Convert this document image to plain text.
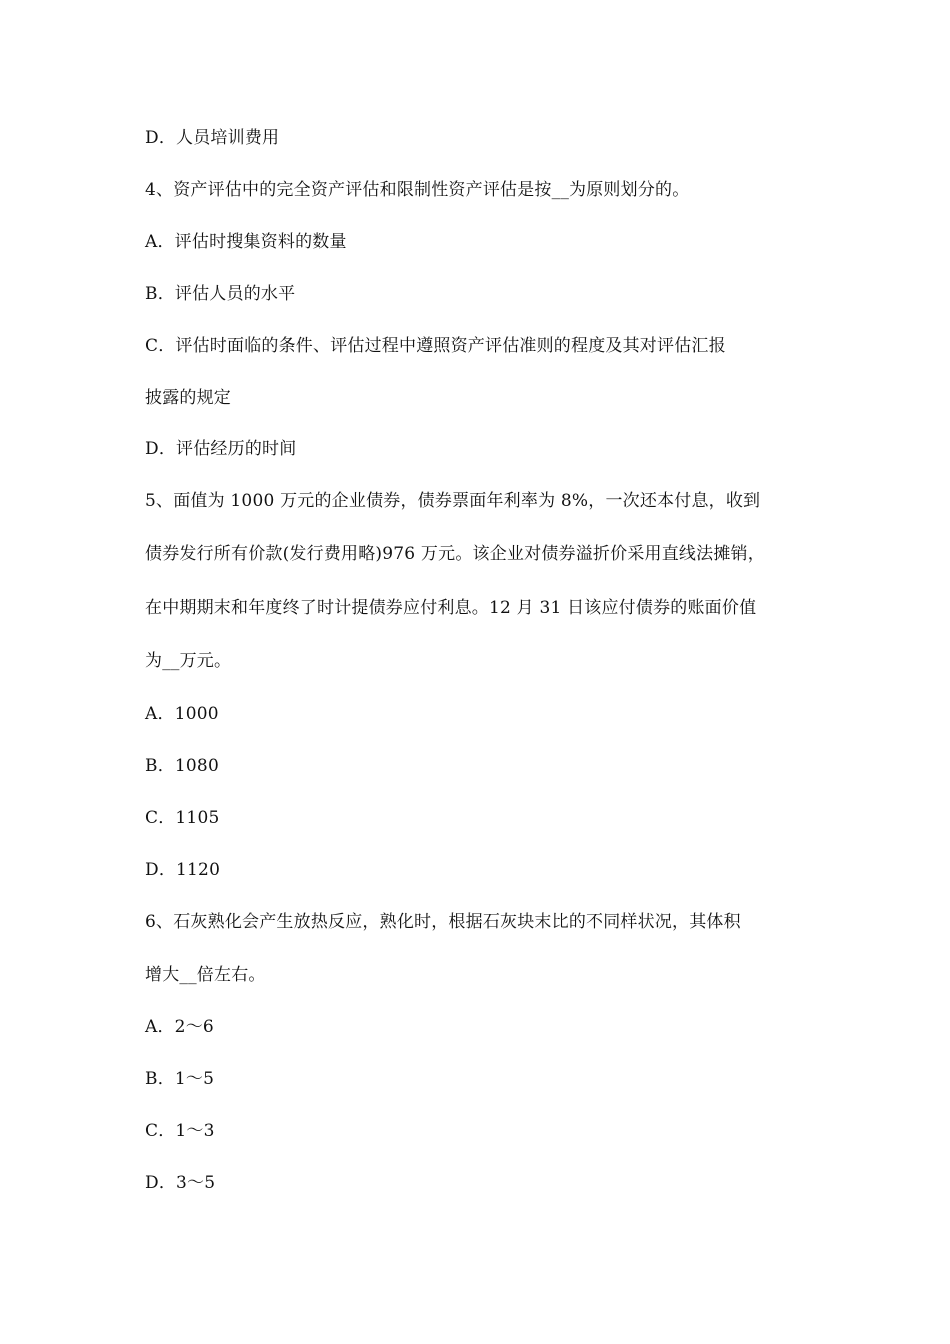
D．人员培训费用
4、资产评估中的完全资产评估和限制性资产评估是按__为原则划分的。
A．评估时搜集资料的数量
B．评估人员的水平
C．评估时面临的条件、评估过程中遵照资产评估准则的程度及其对评估汇报
披露的规定
D．评估经历的时间
5、面值为 1000 万元的企业债券，债券票面年利率为 8%，一次还本付息，收到
债券发行所有价款(发行费用略)976 万元。该企业对债券溢折价采用直线法摊销，
在中期期末和年度终了时计提债券应付利息。12 月 31 日该应付债券的账面价值
为__万元。
A．1000
B．1080
C．1105
D．1120
6、石灰熟化会产生放热反应，熟化时，根据石灰块末比的不同样状况，其体积
增大__倍左右。
A．2～6
B．1～5
C．1～3
D．3～5
